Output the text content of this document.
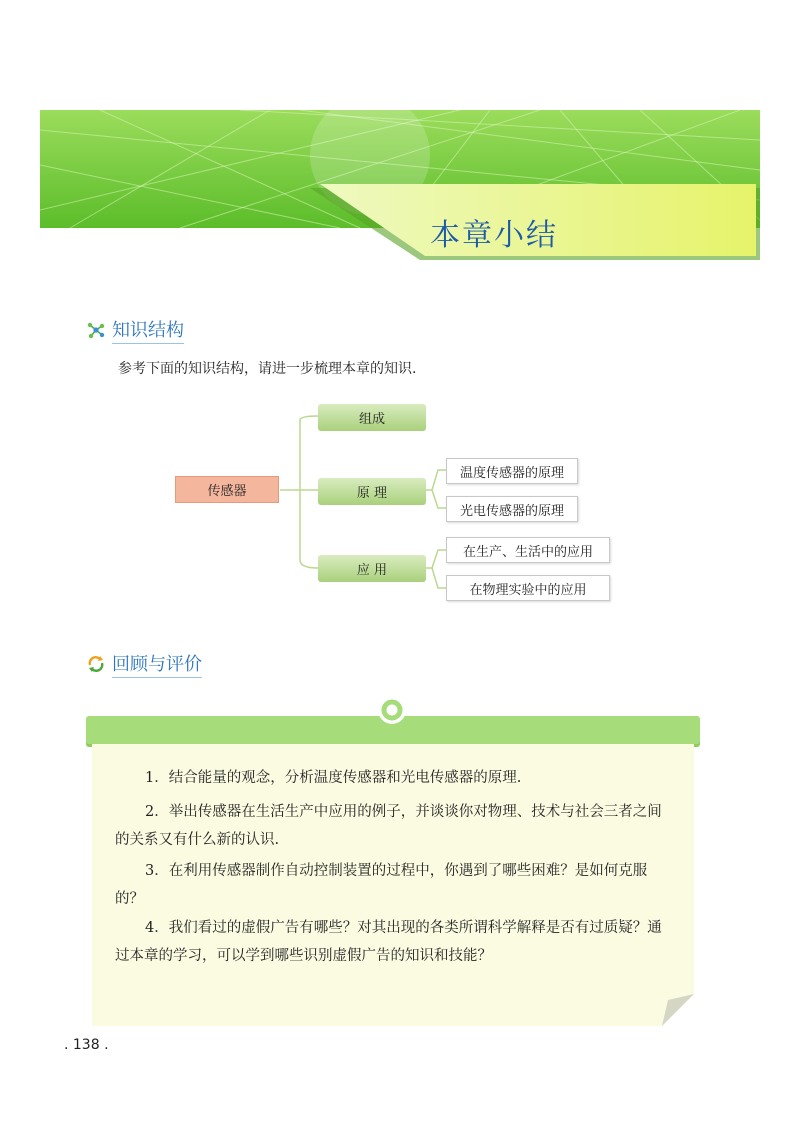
本章小结
知识结构
参考下面的知识结构，请进一步梳理本章的知识.
传感器
组成
原 理
应 用
温度传感器的原理
光电传感器的原理
在生产、生活中的应用
在物理实验中的应用
回顾与评价
1．结合能量的观念，分析温度传感器和光电传感器的原理.
2．举出传感器在生活生产中应用的例子，并谈谈你对物理、技术与社会三者之间的关系又有什么新的认识.
3．在利用传感器制作自动控制装置的过程中，你遇到了哪些困难？是如何克服的？
4．我们看过的虚假广告有哪些？对其出现的各类所谓科学解释是否有过质疑？通过本章的学习，可以学到哪些识别虚假广告的知识和技能？
. 138 .
